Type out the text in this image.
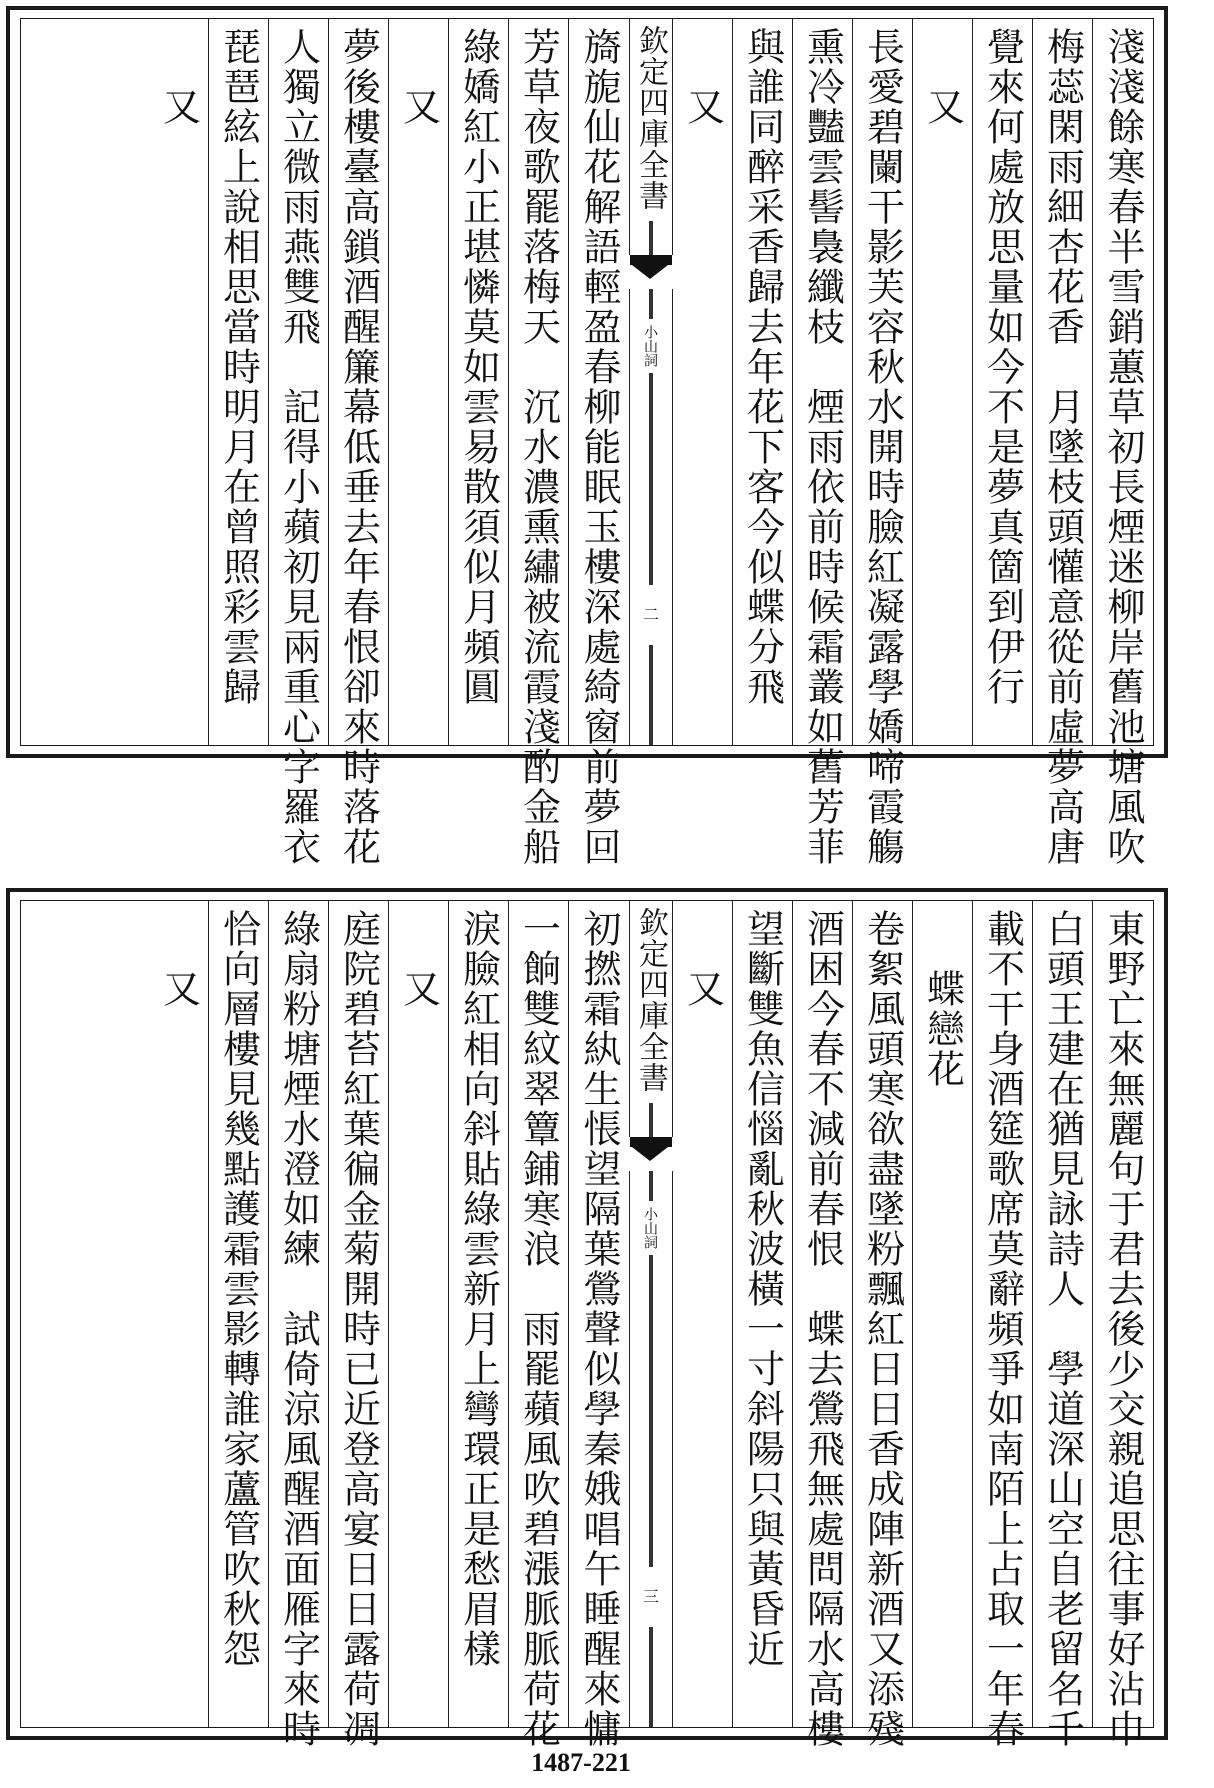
淺淺餘寒春半雪銷蕙草初長煙迷柳岸舊池塘風吹
梅蕊閑雨細杏花香　月墜枝頭懽意從前虛夢高唐
覺來何處放思量如今不是夢真箇到伊行
又
長愛碧闌干影芙容秋水開時臉紅凝露學嬌啼霞觴
熏冷豔雲髻裊纖枝　煙雨依前時候霜叢如舊芳菲
與誰同醉采香歸去年花下客今似蝶分飛
又
欽定四庫全書
小山詞
二
旖旎仙花解語輕盈春柳能眠玉樓深處綺窗前夢回
芳草夜歌罷落梅天　沉水濃熏繡被流霞淺酌金船
綠嬌紅小正堪憐莫如雲易散須似月頻圓
又
夢後樓臺高鎖酒醒簾幕低垂去年春恨卻來時落花
人獨立微雨燕雙飛　記得小蘋初見兩重心字羅衣
琵琶絃上說相思當時明月在曾照彩雲歸
又
東野亡來無麗句于君去後少交親追思往事好沾巾
白頭王建在猶見詠詩人　學道深山空自老留名千
載不干身酒筵歌席莫辭頻爭如南陌上占取一年春
蝶戀花
卷絮風頭寒欲盡墜粉飄紅日日香成陣新酒又添殘
酒困今春不減前春恨　蝶去鶯飛無處問隔水高樓
望斷雙魚信惱亂秋波橫一寸斜陽只與黃昏近
又
欽定四庫全書
小山詞
三
初撚霜紈生悵望隔葉鶯聲似學秦娥唱午睡醒來慵
一餉雙紋翠簟鋪寒浪　雨罷蘋風吹碧漲脈脈荷花
淚臉紅相向斜貼綠雲新月上彎環正是愁眉樣
又
庭院碧苔紅葉徧金菊開時已近登高宴日日露荷凋
綠扇粉塘煙水澄如練　試倚涼風醒酒面雁字來時
恰向層樓見幾點護霜雲影轉誰家蘆管吹秋怨
又
1487-221
